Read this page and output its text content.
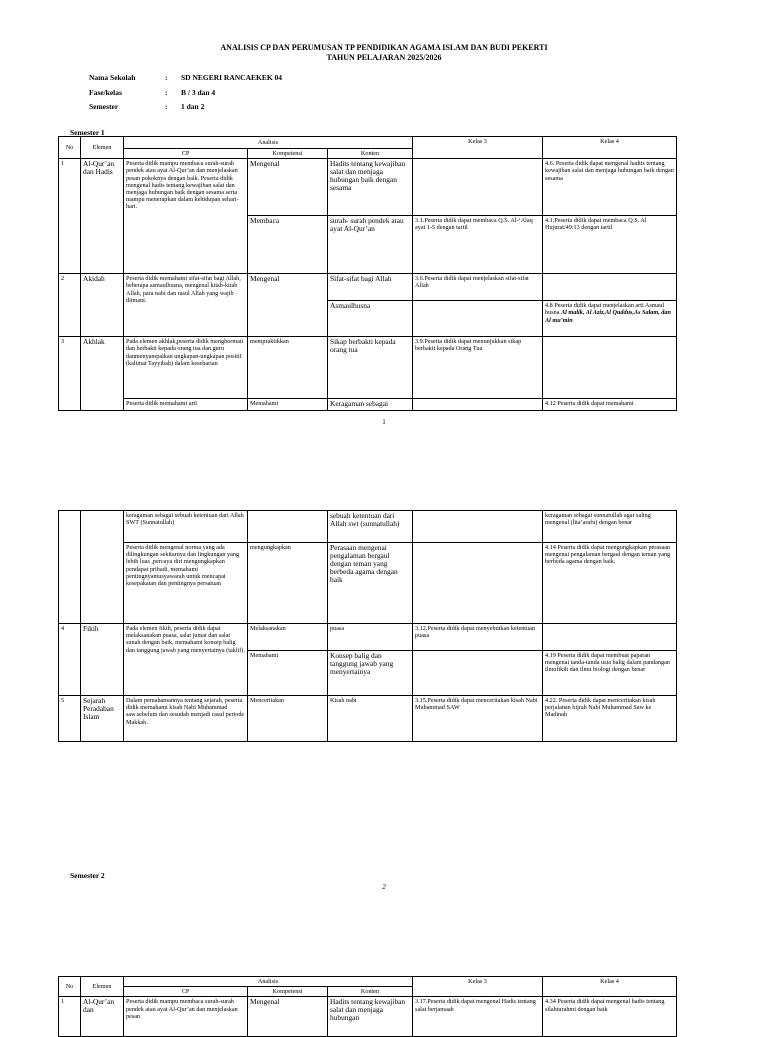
ANALISIS CP DAN PERUMUSAN TP PENDIDIKAN AGAMA ISLAM DAN BUDI PEKERTI
TAHUN PELAJARAN 2025/2026
Nama Sekolah	: SD NEGERI RANCAEKEK 04
Fase/kelas	: B / 3 dan 4
Semester	: 1 dan 2
Semester 1
No	Elemen	Analisis			Kelas 3	Kelas 4
		CP	Kompetensi	Konten		
1	Al-Qur’an dan Hadis	Peserta didik mampu membaca surah-surah pendek atau ayat Al-Qur’an dan menjelaskan pesan pokoknya dengan baik. Peserta didik mengenal hadis tentang kewajiban salat dan menjaga hubungan baik dengan sesama serta mampu menerapkan dalam kehidupan sehari-hari.	Mengenal	Hadits tentang kewajiban salat dan menjaga hubungan baik dengan sesama		4.6. Peserta didik dapat mengenal hadits tentang kewajiban salat dan menjaga hubungan baik dengan sesama
			Membaca	surah- surah pendek atau ayat Al-Qur’an	3.1.Peserta didik dapat membaca Q.S. Al-‘Alaq ayat 1-5 dengan tartil	4.1.Peserta didik dapat membaca Q.S. Al Hujurat/49:13 dengan tartil
2	Akidah	Peserta didik memahami sifat-sifat bagi Allah, beberapa asmaulhusna, mengenal kitab-kitab Allah, para nabi dan rasul Allah yang wajib diimani.	Mengenal	Sifat-sifat bagi Allah	3.6.Peserta didik dapat menjelaskan sifat-sifat Allah	
				Asmaulhusna		4.8 Peserta didik dapat menjelaskan arti Asmaul husna Al malik, Al Aziz,Al Quddus,As Salam, dan Al mu’min
3	Akhlak	Pada elemen akhlak,peserta didik menghormati dan berbakti kepada orang tua dan guru danmenyampaikan ungkapan-ungkapan positif (kalimat Tayyibah) dalam keseharian	mempraktikkan	Sikap berbakti kepada orang tua	3.9.Peserta didik dapat menunjukkan sikap berbakti kepada Orang Tua	
		Peserta didik memahami arti	Memahami	Keragaman sebagai		4.12 Peserta didik dapat memahami
1
		keragaman sebagai sebuah ketentuan dari Allah SWT (Sunnatullah)		sebuah ketentuan dari Allah swt (sunnatullah)		keragaman sebagai sunnatullah agar saling mengenal (lita’arafu) dengan benar
		Peserta didik mengenal norma yang ada dilingkungan sekitarnya dan lingkungan yang lebih luas ,percaya diri mengungkapkan pendapat pribadi, memahami pentingnyamusyawarah untuk mencapai kesepakatan dan pentingnya persatuan	mengungkapkan	Perasaan mengenai pengalaman bergaul dengan teman yang berbeda agama dengan baik		4.14 Peserta didik dapat mengungkapkan perasaan mengenai pengalaman bergaul dengan teman yang berbeda agama dengan baik.
4	Fikih	Pada elemen fikih, peserta didik dapat melaksanakan puasa, salat jumat dan salat sunah dengan baik, memahami konsep balig dan tanggung jawab yang menyertainya (taklif).	Melaksanakan	puasa	3.12.Peserta didik dapat menyebutkan ketentuan puasa	
			Memahami	Konsep balig dan tanggung jawab yang menyertainya		4.19 Peserta didik dapat membuat paparan mengenai tanda-tanda usia balig dalam pandangan ilmufikih dan ilmu biologi dengan benar
5	Sejarah Peradaban Islam	Dalam pemahamannya tentang sejarah, peserta didik memahami kisah Nabi Muhammad saw.sebelum dan sesudah menjadi rasul periode Makkah.	Menceritakan	Kisah nabi	3.15.Peserta didik dapat menceritakan kisah Nabi Muhammad SAW	4.22. Peserta didik dapat menceritakan kisah perjalanan hijrah Nabi Muhammad Saw ke Madinah
Semester 2
2
No	Elemen	Analisis			Kelas 3	Kelas 4
		CP	Kompetensi	Konten		
1	Al-Qur’an dan	Peserta didik mampu membaca surah-surah pendek atau ayat Al-Qur’an dan menjelaskan pesan	Mengenal	Hadits tentang kewajiban salat dan menjaga hubungan	3.17.Peserta didik dapat mengenal Hadis tentang salat berjamaah	4.34 Peserta didik dapat mengenal hadis tentang silahturahmi dengan baik
